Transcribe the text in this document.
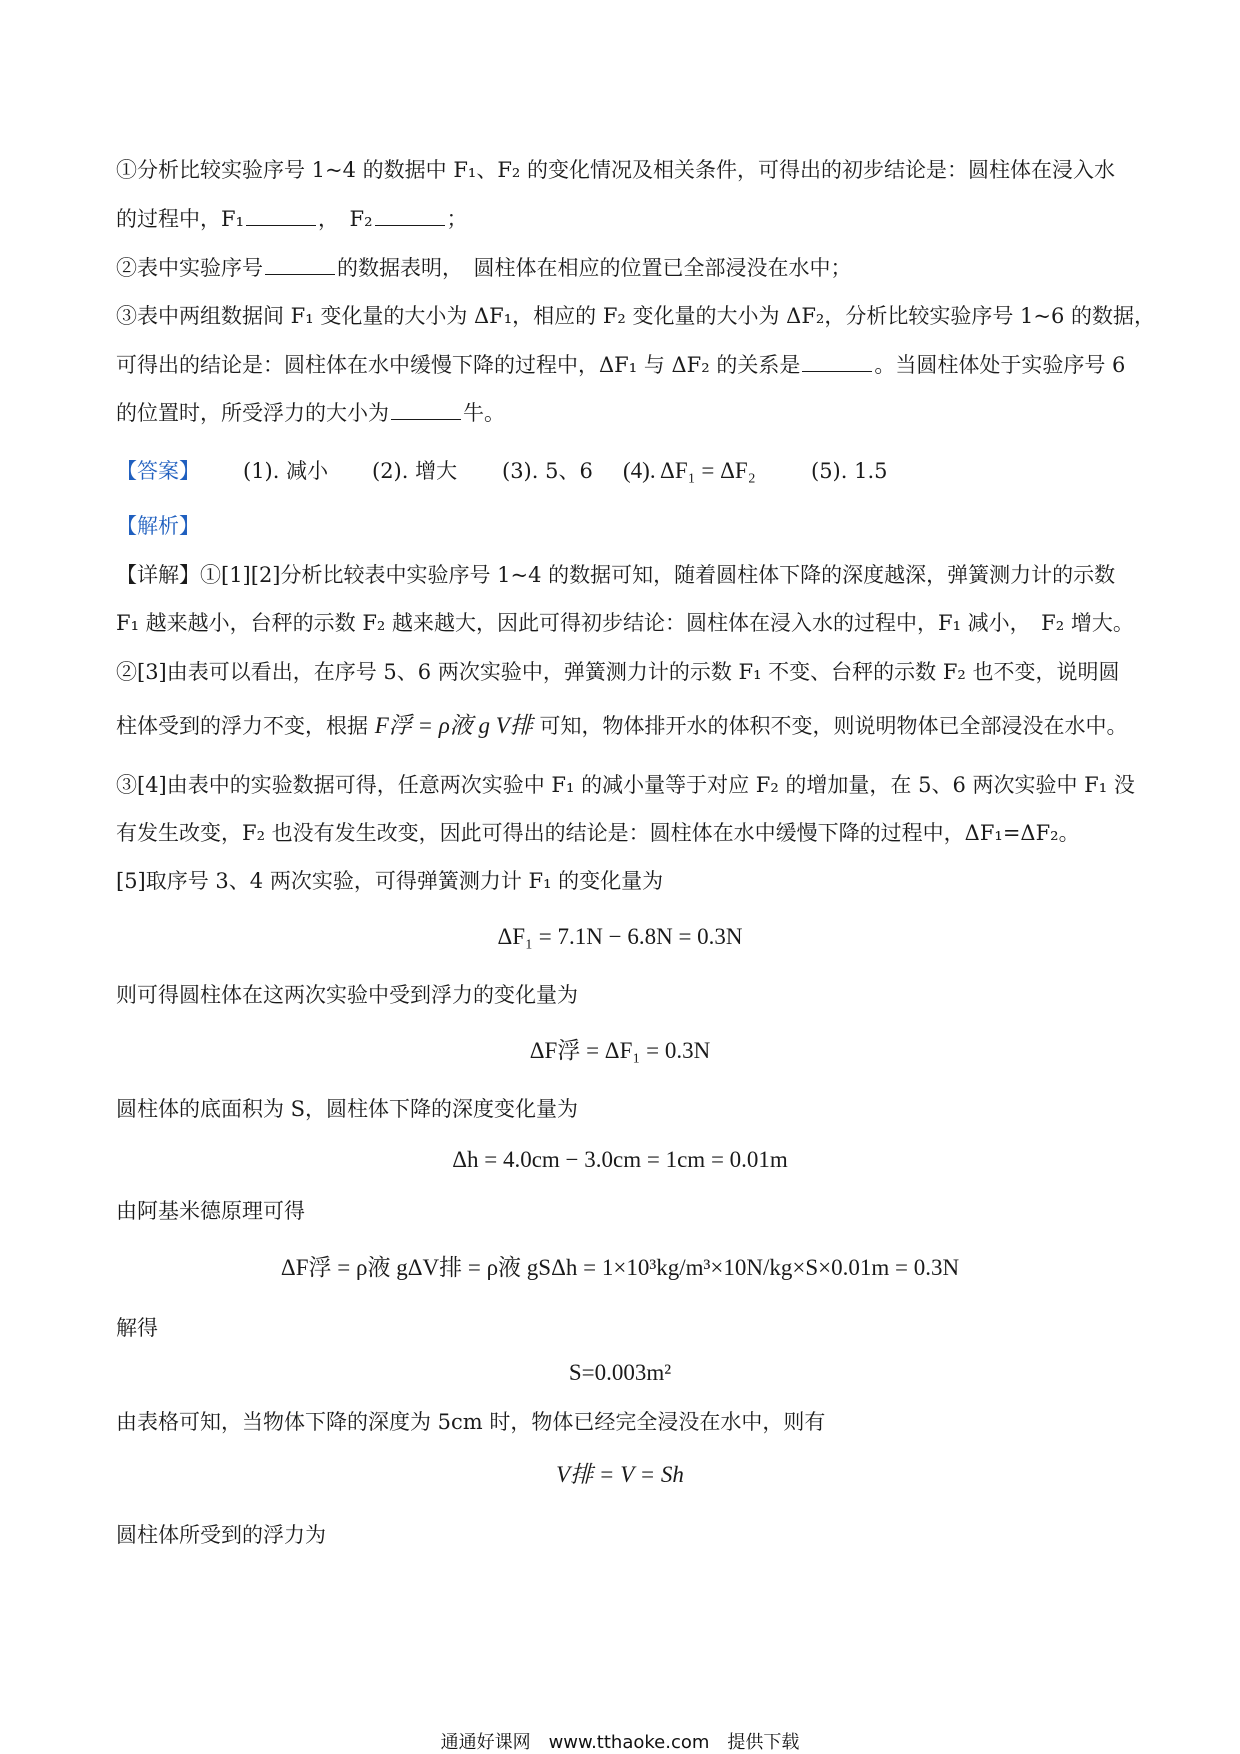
①分析比较实验序号 1~4 的数据中 F₁、F₂ 的变化情况及相关条件，可得出的初步结论是：圆柱体在浸入水
的过程中，F₁	，　F₂	；
②表中实验序号	的数据表明，　圆柱体在相应的位置已全部浸没在水中；
③表中两组数据间 F₁ 变化量的大小为 ΔF₁，相应的 F₂ 变化量的大小为 ΔF₂，分析比较实验序号 1~6 的数据，
可得出的结论是：圆柱体在水中缓慢下降的过程中，ΔF₁ 与 ΔF₂ 的关系是	。当圆柱体处于实验序号 6
的位置时，所受浮力的大小为	牛。
【答案】 (1). 减小 (2). 增大 (3). 5、6 (4). ΔF₁ = ΔF₂	(5). 1.5
【解析】
【详解】①[1][2]分析比较表中实验序号 1~4 的数据可知，随着圆柱体下降的深度越深，弹簧测力计的示数
F₁ 越来越小，台秤的示数 F₂ 越来越大，因此可得初步结论：圆柱体在浸入水的过程中，F₁ 减小，　F₂ 增大。
②[3]由表可以看出，在序号 5、6 两次实验中，弹簧测力计的示数 F₁ 不变、台秤的示数 F₂ 也不变，说明圆
柱体受到的浮力不变，根据 F浮 = ρ液 g V排 可知，物体排开水的体积不变，则说明物体已全部浸没在水中。
③[4]由表中的实验数据可得，任意两次实验中 F₁ 的减小量等于对应 F₂ 的增加量，在 5、6 两次实验中 F₁ 没
有发生改变，F₂ 也没有发生改变，因此可得出的结论是：圆柱体在水中缓慢下降的过程中，ΔF₁=ΔF₂。
[5]取序号 3、4 两次实验，可得弹簧测力计 F₁ 的变化量为
ΔF₁ = 7.1N − 6.8N = 0.3N
则可得圆柱体在这两次实验中受到浮力的变化量为
ΔF浮 = ΔF₁ = 0.3N
圆柱体的底面积为 S，圆柱体下降的深度变化量为
Δh = 4.0cm − 3.0cm = 1cm = 0.01m
由阿基米德原理可得
ΔF浮 = ρ液 gΔV排 = ρ液 gSΔh = 1×10³kg/m³×10N/kg×S×0.01m = 0.3N
解得
S=0.003m²
由表格可知，当物体下降的深度为 5cm 时，物体已经完全浸没在水中，则有
V排 = V = Sh
圆柱体所受到的浮力为
通通好课网　www.tthaoke.com　提供下载
